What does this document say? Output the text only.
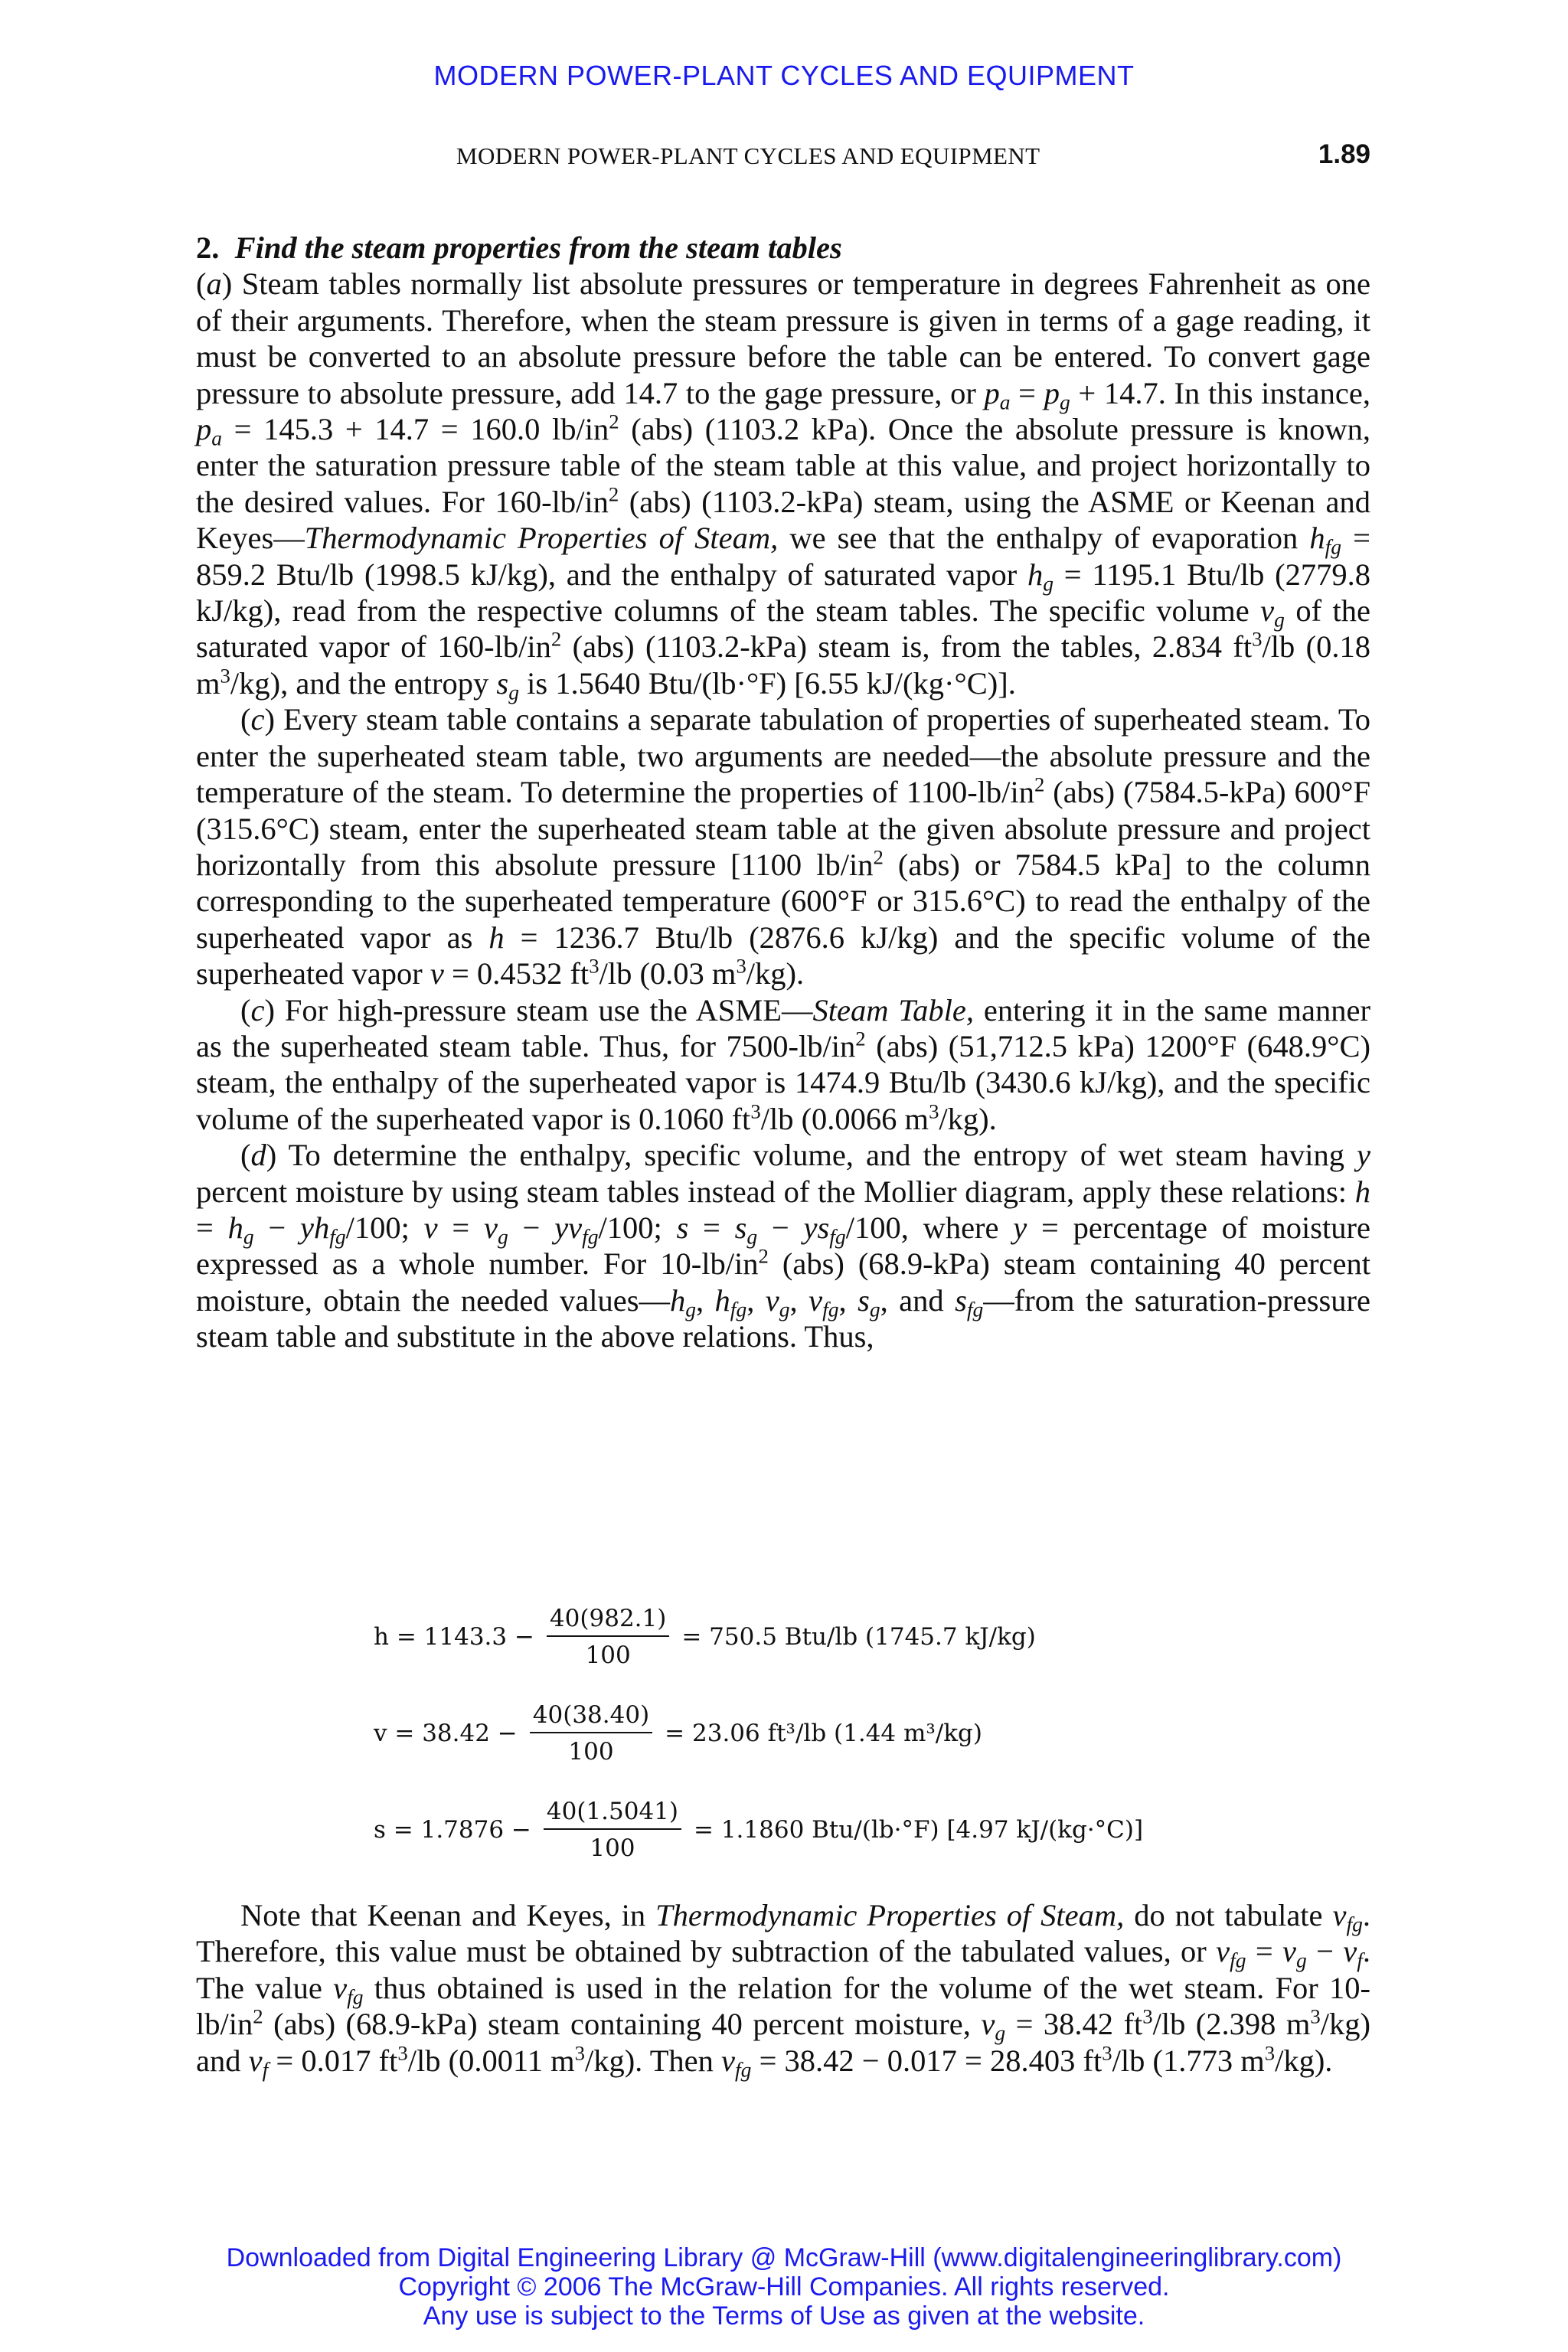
MODERN POWER-PLANT CYCLES AND EQUIPMENT
MODERN POWER-PLANT CYCLES AND EQUIPMENT	1.89

2. Find the steam properties from the steam tables

(a) Steam tables normally list absolute pressures or temperature in degrees Fahrenheit as one of their arguments. Therefore, when the steam pressure is given in terms of a gage reading, it must be converted to an absolute pressure before the table can be entered. To convert gage pressure to absolute pressure, add 14.7 to the gage pressure, or $p_a = p_g + 14.7$. In this instance, $p_a = 145.3 + 14.7 = 160.0$ $lb/in^2$ (abs) (1103.2 kPa). Once the absolute pressure is known, enter the saturation pressure table of the steam table at this value, and project horizontally to the desired values. For $160-lb/in^2$ (abs) (1103.2-kPa) steam, using the ASME or Keenan and Keyes—Thermodynamic Properties of Steam, we see that the enthalpy of evaporation $h_{fg} = 859.2$ Btu/lb (1998.5 kJ/kg), and the enthalpy of saturated vapor $h_g = 1195.1$ Btu/lb (2779.8 kJ/kg), read from the respective columns of the steam tables. The specific volume $v_g$ of the saturated vapor of $160-lb/in^2$ (abs) (1103.2-kPa) steam is, from the tables, 2.834 $ft^3/lb$ (0.18 $m^3/kg$), and the entropy $s_g$ is 1.5640 Btu/(lb·°F) [6.55 kJ/(kg·°C)].

(c) Every steam table contains a separate tabulation of properties of superheated steam. To enter the superheated steam table, two arguments are needed—the absolute pressure and the temperature of the steam. To determine the properties of $1100-lb/in^2$ (abs) (7584.5-kPa) 600°F (315.6°C) steam, enter the superheated steam table at the given absolute pressure and project horizontally from this absolute pressure [1100 $lb/in^2$ (abs) or 7584.5 kPa] to the column corresponding to the superheated temperature (600°F or 315.6°C) to read the enthalpy of the superheated vapor as h = 1236.7 Btu/lb (2876.6 kJ/kg) and the specific volume of the superheated vapor v = 0.4532 $ft^3/lb$ (0.03 $m^3/kg$).

(c) For high-pressure steam use the ASME—Steam Table, entering it in the same manner as the superheated steam table. Thus, for $7500-lb/in^2$ (abs) (51,712.5 kPa) 1200°F (648.9°C) steam, the enthalpy of the superheated vapor is 1474.9 Btu/lb (3430.6 kJ/kg), and the specific volume of the superheated vapor is 0.1060 $ft^3/lb$ (0.0066 $m^3/kg$).

(d) To determine the enthalpy, specific volume, and the entropy of wet steam having y percent moisture by using steam tables instead of the Mollier diagram, apply these relations: $h = h_g - yh_{fg}/100$; $v = v_g - yv_{fg}/100$; $s = s_g - ys_{fg}/100$, where y = percentage of moisture expressed as a whole number. For $10-lb/in^2$ (abs) (68.9-kPa) steam containing 40 percent moisture, obtain the needed $values—h_g$, $h_{fg}$, $v_g$, $v_{fg}$, $s_g$, and $s_{fg}—from$ the saturation-pressure steam table and substitute in the above relations. Thus,

$h = 1143.3 - \frac{40(982.1)}{100} = 750.5$ Btu/lb (1745.7 kJ/kg)
$v = 38.42 - \frac{40(38.40)}{100} = 23.06$ ft³/lb (1.44 m³/kg)
$s = 1.7876 - \frac{40(1.5041)}{100} = 1.1860$ Btu/(lb·°F) [4.97 kJ/(kg·°C)]

Note that Keenan and Keyes, in Thermodynamic Properties of Steam, do not tabulate $v_{fg}$. Therefore, this value must be obtained by subtraction of the tabulated values, or $v_{fg} = v_g - v_f$. The value $v_{fg}$ thus obtained is used in the relation for the volume of the wet steam. For $10-lb/in^2$ (abs) (68.9-kPa) steam containing 40 percent moisture, $v_g = 38.42$ $ft^3/lb$ (2.398 $m^3/kg$) and $v_f = 0.017$ $ft^3/lb$ (0.0011 $m^3/kg$). Then $v_{fg} = 38.42 - 0.017 = 28.403$ $ft^3/lb$ (1.773 $m^3/kg$).

Downloaded from Digital Engineering Library @ McGraw-Hill (www.digitalengineeringlibrary.com)
Copyright © 2006 The McGraw-Hill Companies. All rights reserved.
Any use is subject to the Terms of Use as given at the website.
